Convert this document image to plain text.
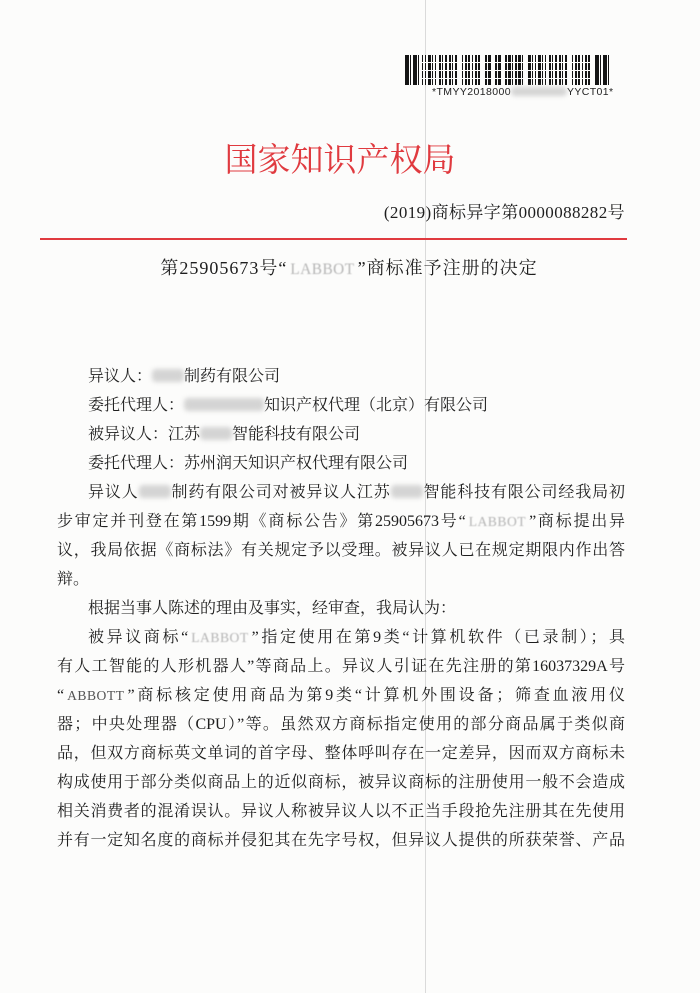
*TMYY2018000	YYCT01*
国家知识产权局
(2019)商标异字第0000088282号
第25905673号“ LABBOT ”商标准予注册的决定
异议人： 制药有限公司
委托代理人：	知识产权代理（北京）有限公司
被异议人：江苏 智能科技有限公司
委托代理人：苏州润天知识产权代理有限公司
异议人 制药有限公司对被异议人江苏 智能科技有限公司经我局初
步审定并刊登在第1599期《商标公告》第25905673号“ LABBOT ”商标提出异
议，我局依据《商标法》有关规定予以受理。被异议人已在规定期限内作出答
辩。
根据当事人陈述的理由及事实，经审查，我局认为：
被异议商标“ LABBOT ”指定使用在第9类“计算机软件（已录制）；具
有人工智能的人形机器人”等商品上。异议人引证在先注册的第16037329A号
“ ABBOTT ”商标核定使用商品为第9类“计算机外围设备；筛查血液用仪
器；中央处理器（CPU）”等。虽然双方商标指定使用的部分商品属于类似商
品，但双方商标英文单词的首字母、整体呼叫存在一定差异，因而双方商标未
构成使用于部分类似商品上的近似商标，被异议商标的注册使用一般不会造成
相关消费者的混淆误认。异议人称被异议人以不正当手段抢先注册其在先使用
并有一定知名度的商标并侵犯其在先字号权，但异议人提供的所获荣誉、产品
